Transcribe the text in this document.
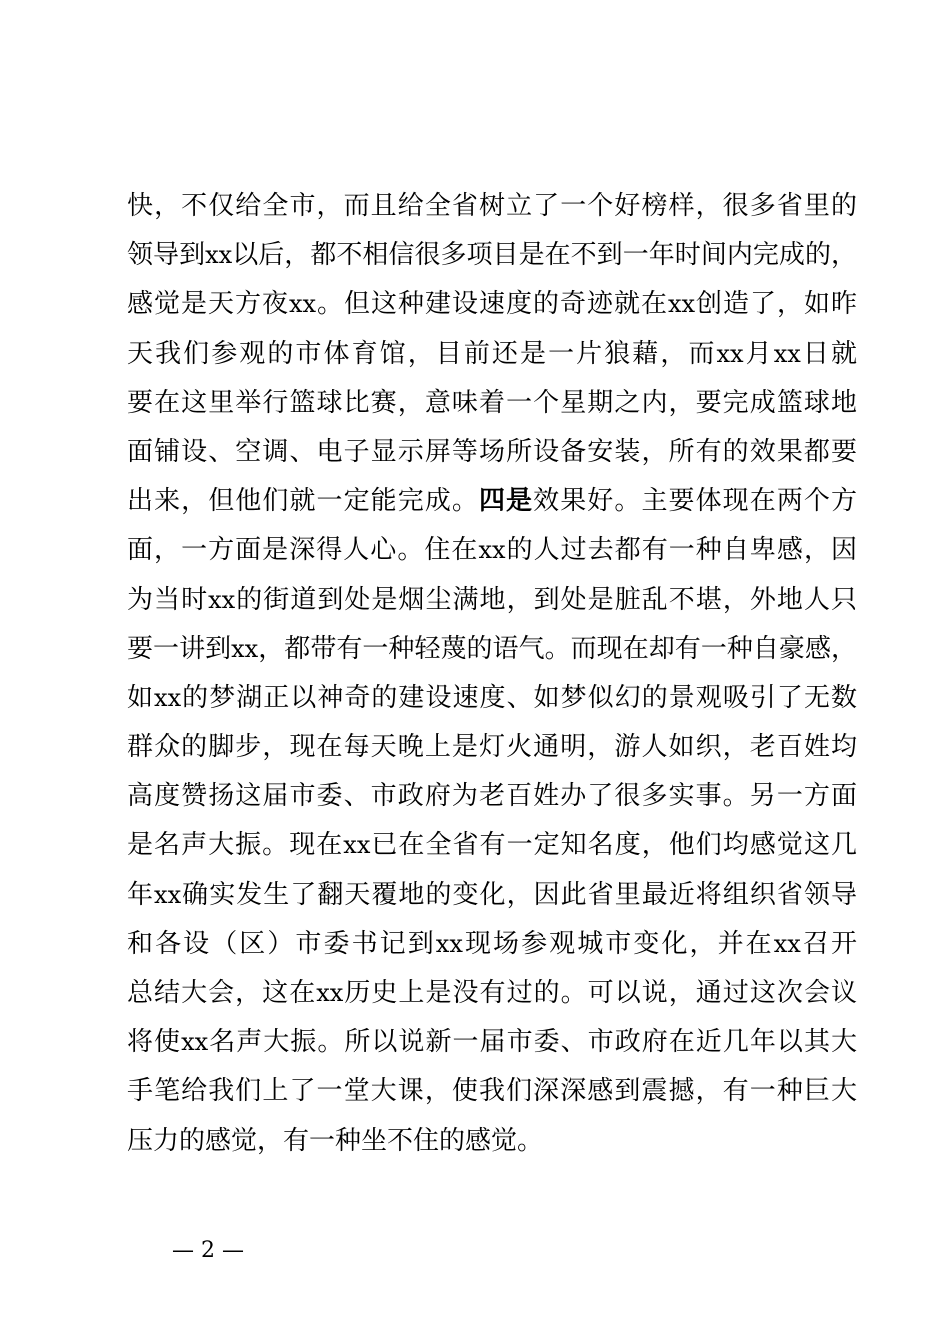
快，不仅给全市，而且给全省树立了一个好榜样，很多省里的
领导到xx以后，都不相信很多项目是在不到一年时间内完成的，
感觉是天方夜xx。但这种建设速度的奇迹就在xx创造了，如昨
天我们参观的市体育馆，目前还是一片狼藉，而xx月xx日就
要在这里举行篮球比赛，意味着一个星期之内，要完成篮球地
面铺设、空调、电子显示屏等场所设备安装，所有的效果都要
出来，但他们就一定能完成。四是效果好。主要体现在两个方
面，一方面是深得人心。住在xx的人过去都有一种自卑感，因
为当时xx的街道到处是烟尘满地，到处是脏乱不堪，外地人只
要一讲到xx，都带有一种轻蔑的语气。而现在却有一种自豪感，
如xx的梦湖正以神奇的建设速度、如梦似幻的景观吸引了无数
群众的脚步，现在每天晚上是灯火通明，游人如织，老百姓均
高度赞扬这届市委、市政府为老百姓办了很多实事。另一方面
是名声大振。现在xx已在全省有一定知名度，他们均感觉这几
年xx确实发生了翻天覆地的变化，因此省里最近将组织省领导
和各设（区）市委书记到xx现场参观城市变化，并在xx召开
总结大会，这在xx历史上是没有过的。可以说，通过这次会议
将使xx名声大振。所以说新一届市委、市政府在近几年以其大
手笔给我们上了一堂大课，使我们深深感到震撼，有一种巨大
压力的感觉，有一种坐不住的感觉。
— 2 —
